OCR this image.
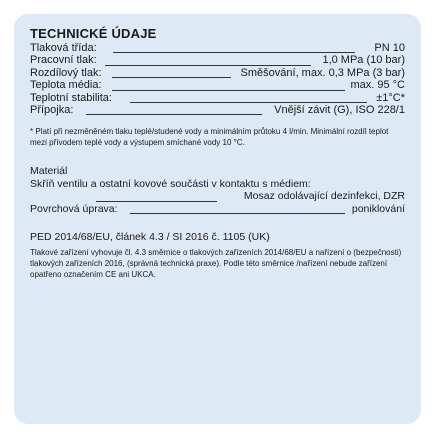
TECHNICKÉ ÚDAJE
Tlaková třída:	PN 10
Pracovní tlak:	1,0 MPa (10 bar)
Rozdílový tlak:	Směšování, max. 0,3 MPa (3 bar)
Teplota média:	max. 95 °C
Teplotní stabilita:	±1°C*
Přípojka:	Vnější závit (G), ISO 228/1
* Platí při nezměněném tlaku teplé/studené vody a minimálním průtoku 4 l/min. Minimální rozdíl teplot mezi přívodem teplé vody a výstupem smíchané vody 10 °C.
Materiál
Skříň ventilu a ostatní kovové součásti v kontaktu s médiem:
Mosaz odolávající dezinfekci, DZR
Povrchová úprava:	poniklování
PED 2014/68/EU, článek 4.3 / SI 2016 č. 1105 (UK)
Tlakové zařízení vyhovuje čl. 4.3 směrnice o tlakových zařízeních 2014/68/EU a nařízení o (bezpečnosti) tlakových zařízeních 2016, (správná technická praxe). Podle této směrnice /nařízení nebude zařízení opatřeno označením CE ani UKCA.
